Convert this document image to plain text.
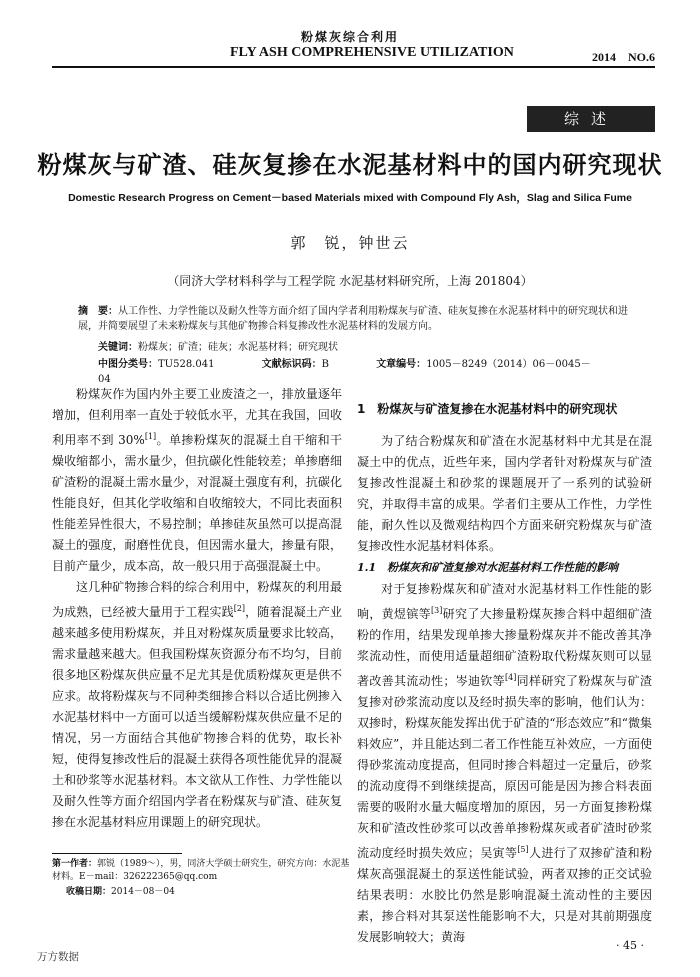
粉煤灰综合利用
FLY ASH COMPREHENSIVE UTILIZATION	2014　NO.6
综述
粉煤灰与矿渣、硅灰复掺在水泥基材料中的国内研究现状
Domestic Research Progress on Cement－based Materials mixed with Compound Fly Ash，Slag and Silica Fume
郭　锐，钟世云
（同济大学材料科学与工程学院 水泥基材料研究所，上海 201804）
摘　要：从工作性、力学性能以及耐久性等方面介绍了国内学者利用粉煤灰与矿渣、硅灰复掺在水泥基材料中的研究现状和进展，并简要展望了未来粉煤灰与其他矿物掺合料复掺改性水泥基材料的发展方向。
关键词：粉煤灰；矿渣；硅灰；水泥基材料；研究现状
中图分类号：TU528.041	文献标识码：B	文章编号：1005－8249（2014）06－0045－04

粉煤灰作为国内外主要工业废渣之一，排放量逐年增加，但利用率一直处于较低水平，尤其在我国，回收利用率不到 30%[1]。单掺粉煤灰的混凝土自干缩和干燥收缩都小，需水量少，但抗碳化性能较差；单掺磨细矿渣粉的混凝土需水量少，对混凝土强度有利，抗碳化性能良好，但其化学收缩和自收缩较大，不同比表面积性能差异性很大，不易控制；单掺硅灰虽然可以提高混凝土的强度，耐磨性优良，但因需水量大，掺量有限，目前产量少，成本高，故一般只用于高强混凝土中。

这几种矿物掺合料的综合利用中，粉煤灰的利用最为成熟，已经被大量用于工程实践[2]，随着混凝土产业越来越多使用粉煤灰，并且对粉煤灰质量要求比较高，需求量越来越大。但我国粉煤灰资源分布不均匀，目前很多地区粉煤灰供应量不足尤其是优质粉煤灰更是供不应求。故将粉煤灰与不同种类细掺合料以合适比例掺入水泥基材料中一方面可以适当缓解粉煤灰供应量不足的情况，另一方面结合其他矿物掺合料的优势，取长补短，使得复掺改性后的混凝土获得各项性能优异的混凝土和砂浆等水泥基材料。本文欲从工作性、力学性能以及耐久性等方面介绍国内学者在粉煤灰与矿渣、硅灰复掺在水泥基材料应用课题上的研究现状。

1　粉煤灰与矿渣复掺在水泥基材料中的研究现状

为了结合粉煤灰和矿渣在水泥基材料中尤其是在混凝土中的优点，近些年来，国内学者针对粉煤灰与矿渣复掺改性混凝土和砂浆的课题展开了一系列的试验研究，并取得丰富的成果。学者们主要从工作性，力学性能，耐久性以及微观结构四个方面来研究粉煤灰与矿渣复掺改性水泥基材料体系。

1.1　粉煤灰和矿渣复掺对水泥基材料工作性能的影响

对于复掺粉煤灰和矿渣对水泥基材料工作性能的影响，黄煜镔等[3]研究了大掺量粉煤灰掺合料中超细矿渣粉的作用，结果发现单掺大掺量粉煤灰并不能改善其净浆流动性，而使用适量超细矿渣粉取代粉煤灰则可以显著改善其流动性；岑迪钦等[4]同样研究了粉煤灰与矿渣复掺对砂浆流动度以及经时损失率的影响，他们认为：双掺时，粉煤灰能发挥出优于矿渣的“形态效应”和“微集料效应”，并且能达到二者工作性能互补效应，一方面使得砂浆流动度提高，但同时掺合料超过一定量后，砂浆的流动度得不到继续提高，原因可能是因为掺合料表面需要的吸附水量大幅度增加的原因，另一方面复掺粉煤灰和矿渣改性砂浆可以改善单掺粉煤灰或者矿渣时砂浆流动度经时损失效应；吴寅等[5]人进行了双掺矿渣和粉煤灰高强混凝土的泵送性能试验，两者双掺的正交试验结果表明：水胶比仍然是影响混凝土流动性的主要因素，掺合料对其泵送性能影响不大，只是对其前期强度发展影响较大；黄海

第一作者：郭锐（1989～），男，同济大学硕士研究生，研究方向：水泥基材料。E－mail：326222365@qq.com
收稿日期：2014－08－04
· 45 ·
万方数据
